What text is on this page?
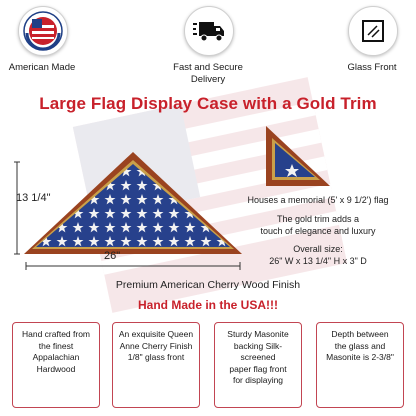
American Made	Fast and Secure
Delivery
Glass Front
Large Flag Display Case with a Gold Trim
13 1/4"
26"
Houses a memorial (5' x 9 1/2') flag
The gold trim adds a
touch of elegance and luxury
Overall size:
26" W x 13 1/4" H x 3" D
Premium American Cherry Wood Finish
Hand Made in the USA!!!
Hand crafted from
the finest
Appalachian
Hardwood
An exquisite Queen
Anne Cherry Finish
1/8" glass front
Sturdy Masonite
backing Silk-screened
paper flag front
for displaying
Depth between
the glass and
Masonite is 2-3/8"
